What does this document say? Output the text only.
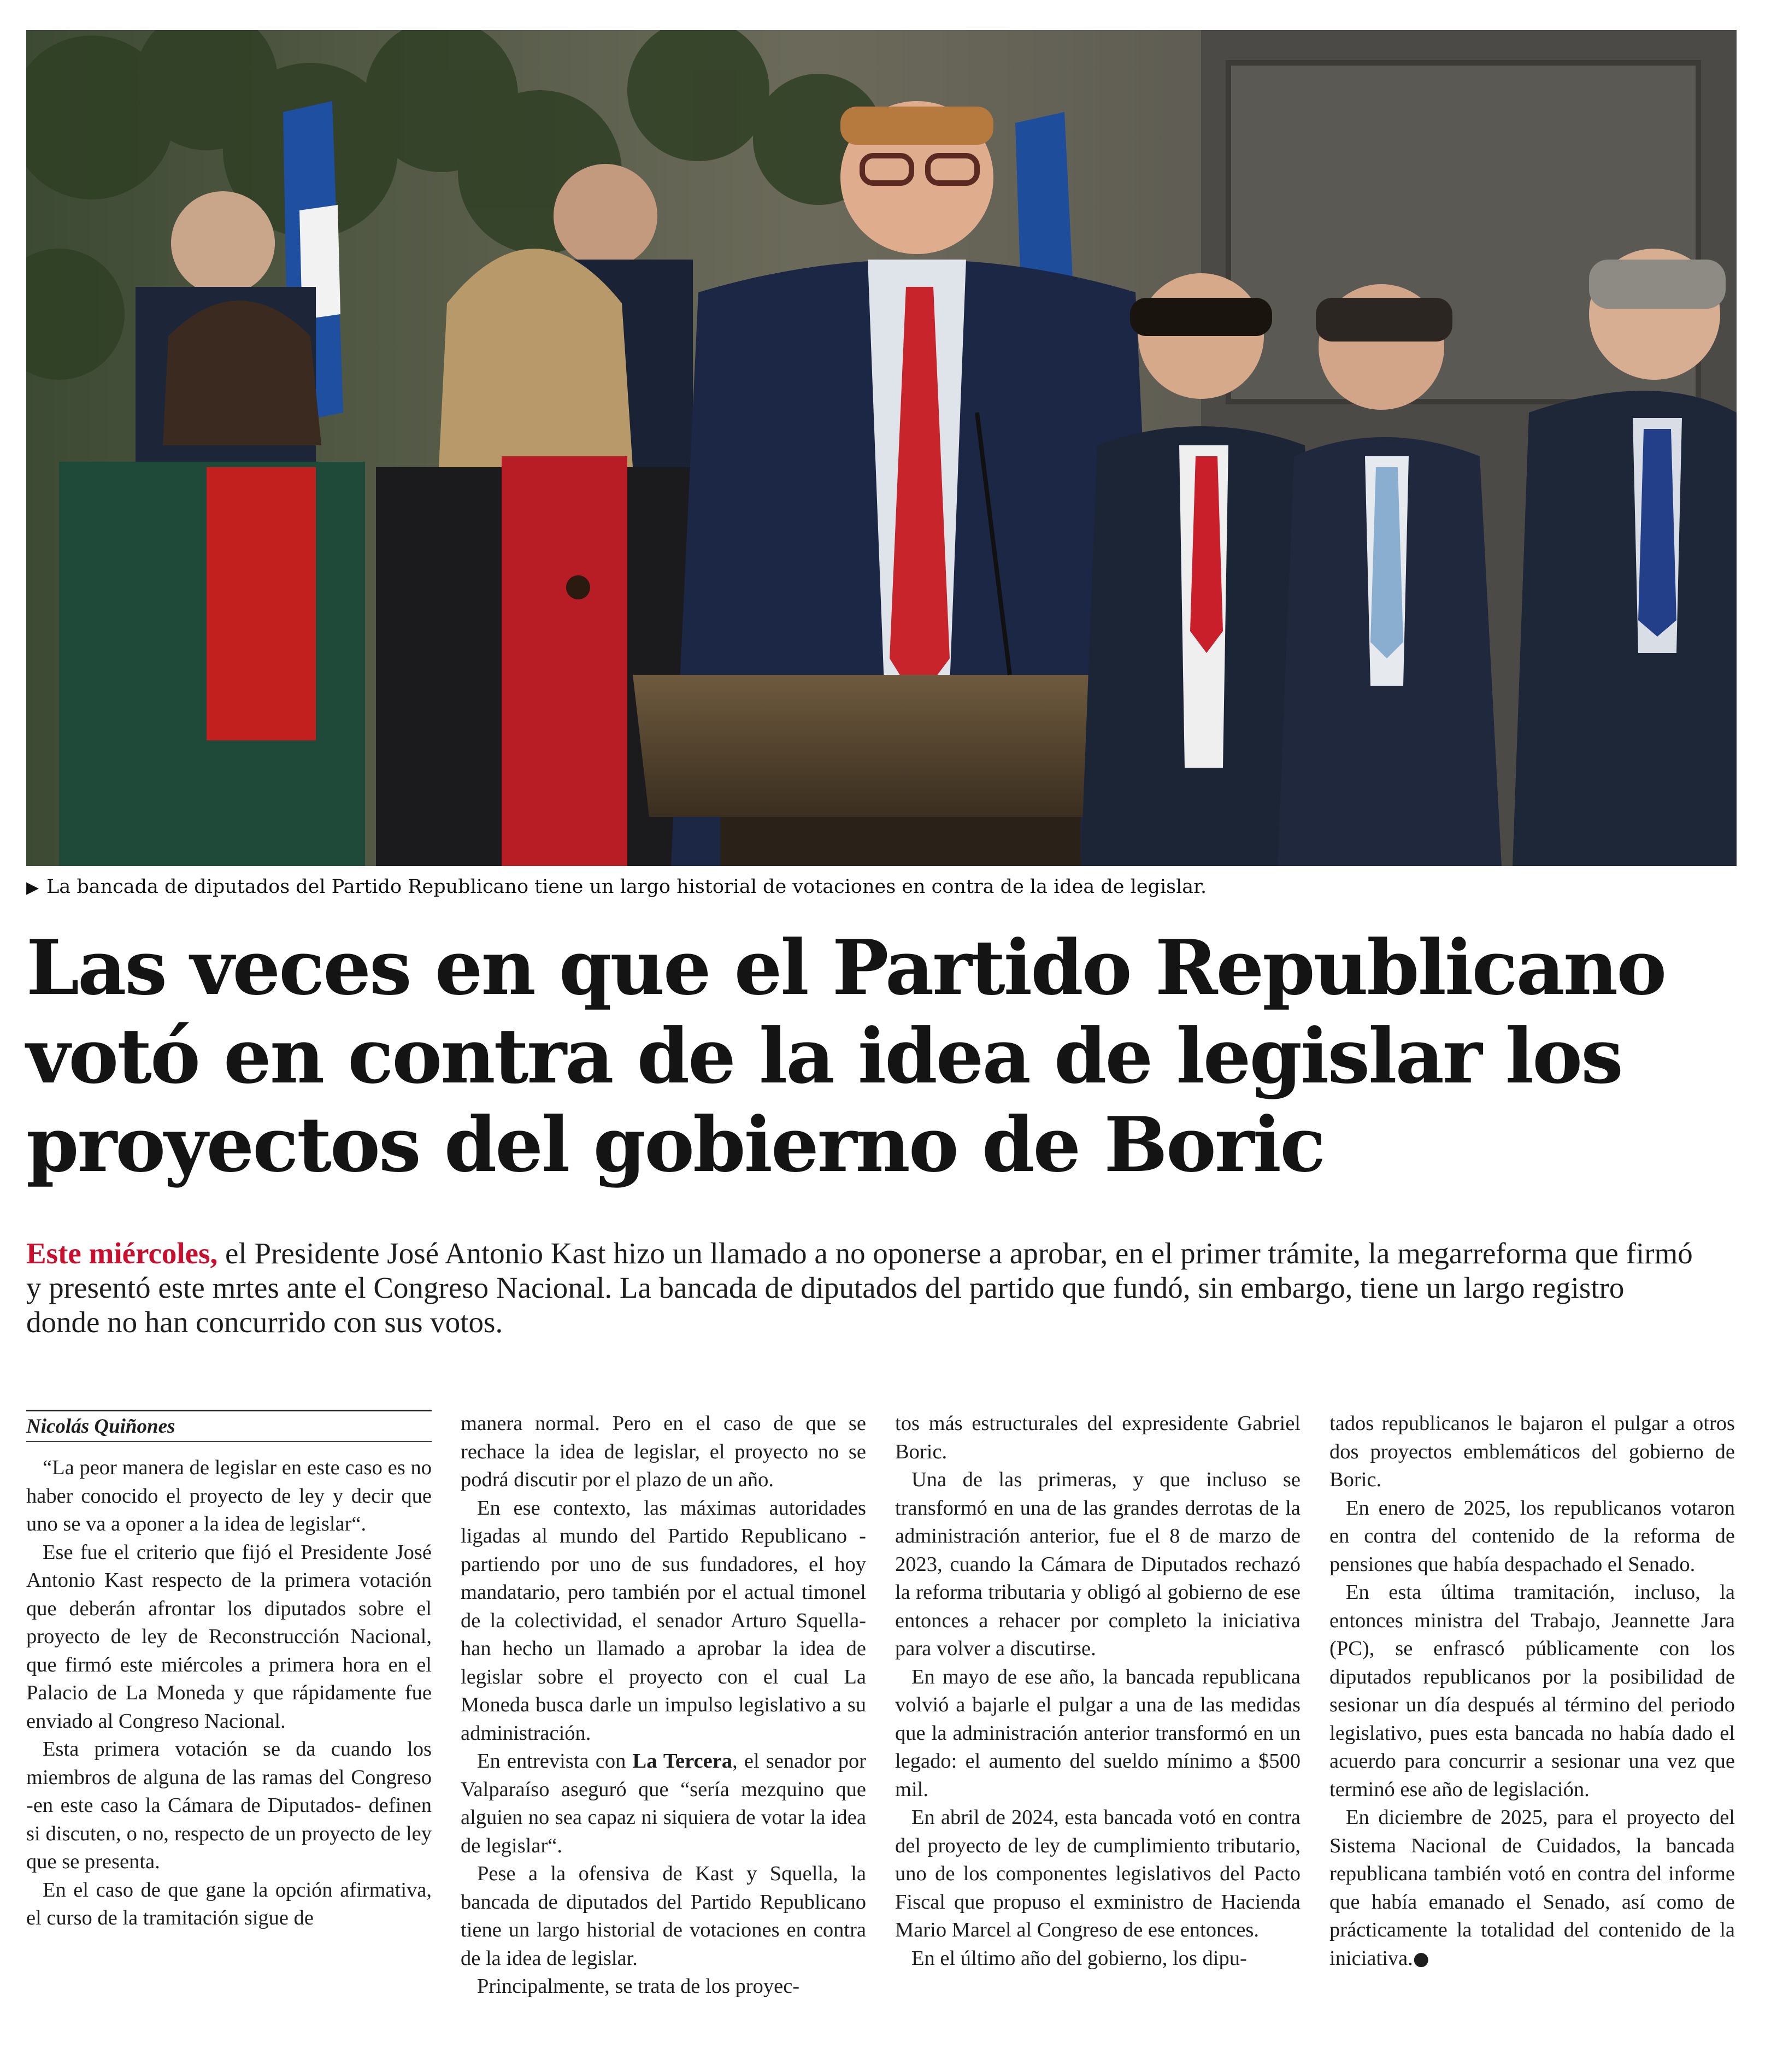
▶ La bancada de diputados del Partido Republicano tiene un largo historial de votaciones en contra de la idea de legislar.
Las veces en que el Partido Republicano votó en contra de la idea de legislar los proyectos del gobierno de Boric

Este miércoles, el Presidente José Antonio Kast hizo un llamado a no oponerse a aprobar, en el primer trámite, la megarreforma que firmó y presentó este mrtes ante el Congreso Nacional. La bancada de diputados del partido que fundó, sin embargo, tiene un largo registro donde no han concurrido con sus votos.

Nicolás Quiñones

“La peor manera de legislar en este caso es no haber conocido el proyecto de ley y decir que uno se va a oponer a la idea de legislar“.

Ese fue el criterio que fijó el Presidente José Antonio Kast respecto de la primera votación que deberán afrontar los diputados sobre el proyecto de ley de Reconstrucción Nacional, que firmó este miércoles a primera hora en el Palacio de La Moneda y que rápidamente fue enviado al Congreso Nacional.

Esta primera votación se da cuando los miembros de alguna de las ramas del Congreso -en este caso la Cámara de Diputados- definen si discuten, o no, respecto de un proyecto de ley que se presenta.

En el caso de que gane la opción afirmativa, el curso de la tramitación sigue de

manera normal. Pero en el caso de que se rechace la idea de legislar, el proyecto no se podrá discutir por el plazo de un año.

En ese contexto, las máximas autoridades ligadas al mundo del Partido Republicano -partiendo por uno de sus fundadores, el hoy mandatario, pero también por el actual timonel de la colectividad, el senador Arturo Squella- han hecho un llamado a aprobar la idea de legislar sobre el proyecto con el cual La Moneda busca darle un impulso legislativo a su administración.

En entrevista con La Tercera, el senador por Valparaíso aseguró que “sería mezquino que alguien no sea capaz ni siquiera de votar la idea de legislar“.

Pese a la ofensiva de Kast y Squella, la bancada de diputados del Partido Republicano tiene un largo historial de votaciones en contra de la idea de legislar.

Principalmente, se trata de los proyec-

tos más estructurales del expresidente Gabriel Boric.

Una de las primeras, y que incluso se transformó en una de las grandes derrotas de la administración anterior, fue el 8 de marzo de 2023, cuando la Cámara de Diputados rechazó la reforma tributaria y obligó al gobierno de ese entonces a rehacer por completo la iniciativa para volver a discutirse.

En mayo de ese año, la bancada republicana volvió a bajarle el pulgar a una de las medidas que la administración anterior transformó en un legado: el aumento del sueldo mínimo a $500 mil.

En abril de 2024, esta bancada votó en contra del proyecto de ley de cumplimiento tributario, uno de los componentes legislativos del Pacto Fiscal que propuso el exministro de Hacienda Mario Marcel al Congreso de ese entonces.

En el último año del gobierno, los dipu-

tados republicanos le bajaron el pulgar a otros dos proyectos emblemáticos del gobierno de Boric.

En enero de 2025, los republicanos votaron en contra del contenido de la reforma de pensiones que había despachado el Senado.

En esta última tramitación, incluso, la entonces ministra del Trabajo, Jeannette Jara (PC), se enfrascó públicamente con los diputados republicanos por la posibilidad de sesionar un día después al término del periodo legislativo, pues esta bancada no había dado el acuerdo para concurrir a sesionar una vez que terminó ese año de legislación.

En diciembre de 2025, para el proyecto del Sistema Nacional de Cuidados, la bancada republicana también votó en contra del informe que había emanado el Senado, así como de prácticamente la totalidad del contenido de la iniciativa.●
